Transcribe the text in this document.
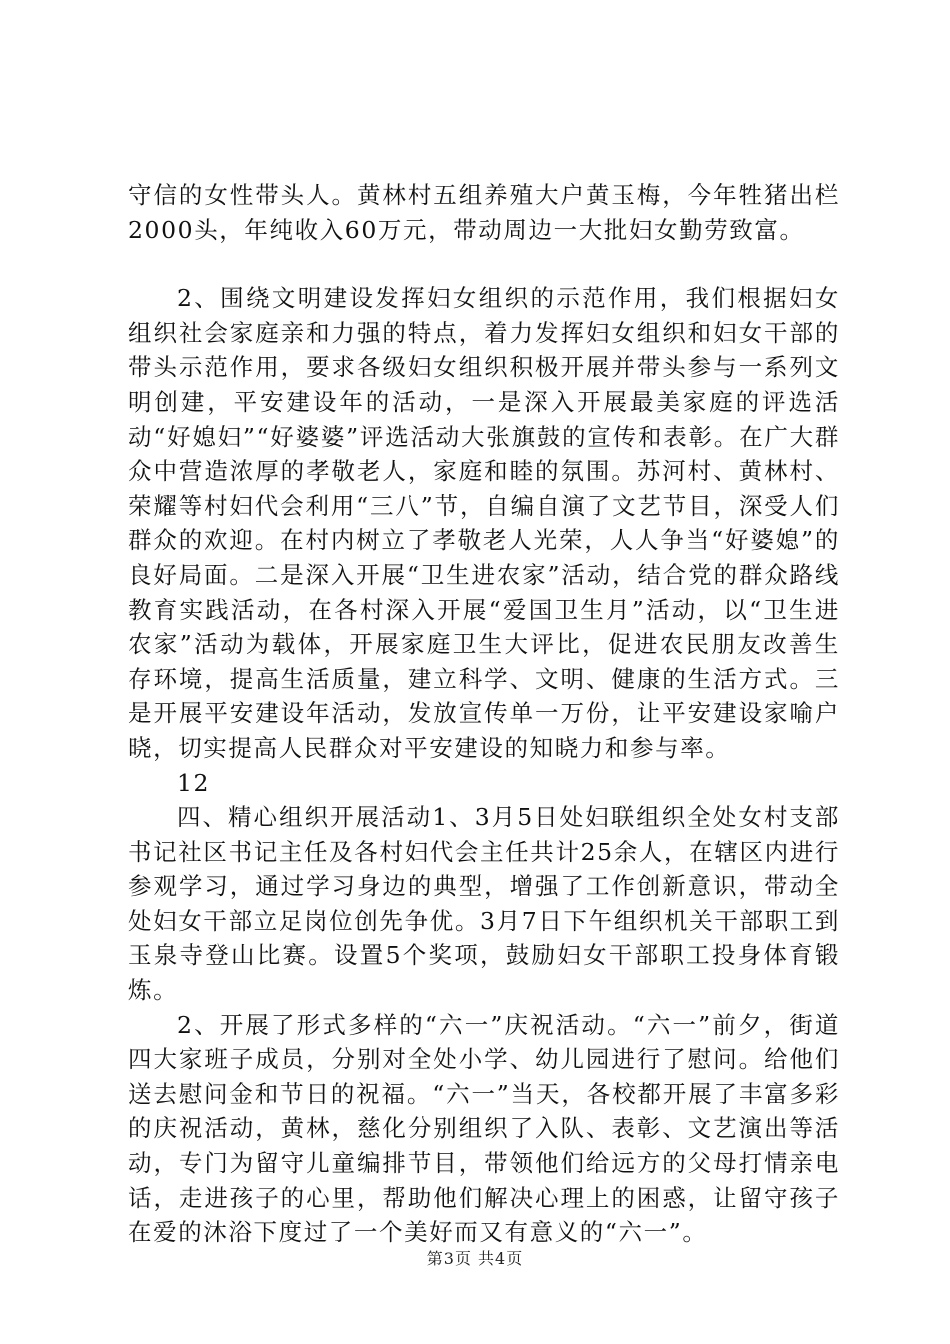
守信的女性带头人。黄林村五组养殖大户黄玉梅，今年牲猪出栏2000头，年纯收入60万元，带动周边一大批妇女勤劳致富。

2、围绕文明建设发挥妇女组织的示范作用，我们根据妇女组织社会家庭亲和力强的特点，着力发挥妇女组织和妇女干部的带头示范作用，要求各级妇女组织积极开展并带头参与一系列文明创建，平安建设年的活动，一是深入开展最美家庭的评选活动“好媳妇”“好婆婆”评选活动大张旗鼓的宣传和表彰。在广大群众中营造浓厚的孝敬老人，家庭和睦的氛围。苏河村、黄林村、荣耀等村妇代会利用“三八”节，自编自演了文艺节目，深受人们群众的欢迎。在村内树立了孝敬老人光荣，人人争当“好婆媳”的良好局面。二是深入开展“卫生进农家”活动，结合党的群众路线教育实践活动，在各村深入开展“爱国卫生月”活动，以“卫生进农家”活动为载体，开展家庭卫生大评比，促进农民朋友改善生存环境，提高生活质量，建立科学、文明、健康的生活方式。三是开展平安建设年活动，发放宣传单一万份，让平安建设家喻户晓，切实提高人民群众对平安建设的知晓力和参与率。

12

四、精心组织开展活动1、3月5日处妇联组织全处女村支部书记社区书记主任及各村妇代会主任共计25余人，在辖区内进行参观学习，通过学习身边的典型，增强了工作创新意识，带动全处妇女干部立足岗位创先争优。3月7日下午组织机关干部职工到玉泉寺登山比赛。设置5个奖项，鼓励妇女干部职工投身体育锻炼。

2、开展了形式多样的“六一”庆祝活动。“六一”前夕，街道四大家班子成员，分别对全处小学、幼儿园进行了慰问。给他们送去慰问金和节日的祝福。“六一”当天，各校都开展了丰富多彩的庆祝活动，黄林，慈化分别组织了入队、表彰、文艺演出等活动，专门为留守儿童编排节目，带领他们给远方的父母打情亲电话，走进孩子的心里，帮助他们解决心理上的困惑，让留守孩子在爱的沐浴下度过了一个美好而又有意义的“六一”。

第3页 共4页
